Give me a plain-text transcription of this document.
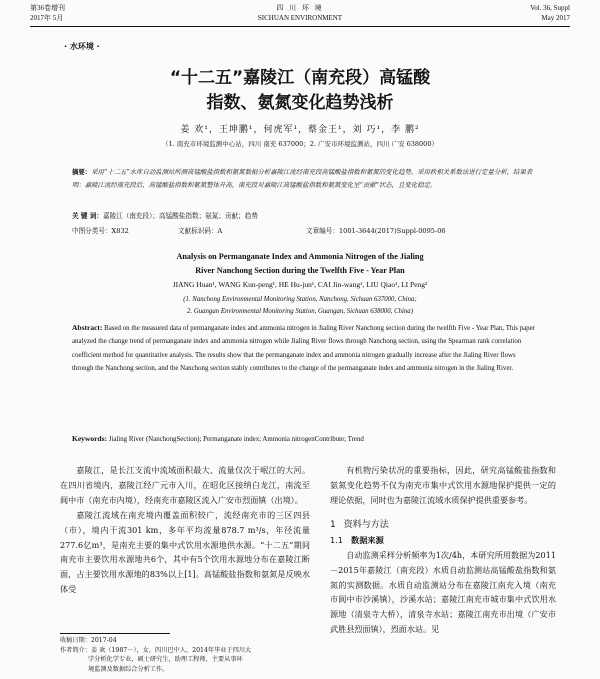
第36卷增刊
2017年 5月
四 川 环 境
SICHUAN ENVIRONMENT
Vol. 36, Suppl
May 2017
· 水环境 ·
“十二五”嘉陵江（南充段）高锰酸
指数、氨氮变化趋势浅析
姜 欢¹，王坤鹏¹，何虎军¹，蔡金王¹，刘 巧¹，李 鹏²
（1. 南充市环境监测中心站，四川 南充 637000；2. 广安市环境监测站，四川 广安 638000）
摘要：采用“十二五”水库自动监测站所测高锰酸盐指数和氨氮数据分析嘉陵江流经南充段高锰酸盐指数和氨氮的变化趋势，采用秩相关系数法进行定量分析，结果表明：嘉陵江流经南充段后，高锰酸盐指数和氨氮整体升高，南充段对嘉陵江高锰酸盐指数和氨氮变化呈“贡献”状态，且变化稳定。
关 键 词：嘉陵江（南充段）；高锰酸盐指数；氨氮；贡献；趋势
中图分类号：X832	文献标识码：A	文章编号：1001-3644(2017)Suppl-0095-06
Analysis on Permanganate Index and Ammonia Nitrogen of the Jialing
River Nanchong Section during the Twelfth Five - Year Plan
JIANG Huan¹, WANG Kun-peng¹, HE Hu-jun¹, CAI Jin-wang¹, LIU Qiao¹, LI Peng²
(1. Nanchong Environmental Monitoring Station, Nanchong, Sichuan 637000, China;
2. Guangan Environmental Monitoring Station, Guangan, Sichuan 638000, China)
Abstract: Based on the measured data of permanganate index and ammonia nitrogen in Jialing River Nanchong section during the twelfth Five - Year Plan, This paper analyzed the change trend of permanganate index and ammonia nitrogen while Jialing River flows through Nanchong section, using the Spearman rank correlation coefficient method for quantitative analysis. The results show that the permanganate index and ammonia nitrogen gradually increase after the Jialing River flows through the Nanchong section, and the Nanchong section stably contributes to the change of the permanganate index and ammonia nitrogen in the Jialing River.
Keywords: Jialing River (NanchongSection); Permanganate index; Ammonia nitrogenContribute; Trend

嘉陵江，是长江支流中流域面积最大、流量仅次于岷江的大河。在四川省境内，嘉陵江经广元市入川，在昭化区接纳白龙江，南流至阆中市（南充市内境），经南充市嘉陵区流入广安市烈面镇（出境）。

嘉陵江流域在南充境内覆盖面积较广，流经南充市的三区四县（市），境内干流301 km，多年平均流量878.7 m³/s，年径流量277.6亿m³，是南充主要的集中式饮用水源地供水源。“十二五”期间南充市主要饮用水源地共6个，其中有5个饮用水源地分布在嘉陵江断面，占主要饮用水源地的83%以上[1]。高锰酸盐指数和氨氮是反映水体受

有机物污染状况的重要指标，因此，研究高锰酸盐指数和氨氮变化趋势不仅为南充市集中式饮用水源地保护提供一定的理论依据，同时也为嘉陵江流域水质保护提供重要参考。

1 资料与方法
1.1 数据来源

自动监测采样分析频率为1次/4h，本研究所用数据为2011－2015年嘉陵江（南充段）水质自动监测站高锰酸盐指数和氨氮的实测数据。水质自动监测站分布在嘉陵江南充入境（南充市阆中市沙溪镇），沙溪水站；嘉陵江南充市城市集中式饮用水源地（清泉寺大桥），清泉寺水站；嘉陵江南充市出境（广安市武胜县烈面镇），烈面水站。见

收稿日期：2017-04
作者简介：姜 欢（1987－），女，四川巴中人，2014年毕业于四川大
学分析化学专业，硕士研究生，助理工程师，主要从事环
境监测及数据综合分析工作。
